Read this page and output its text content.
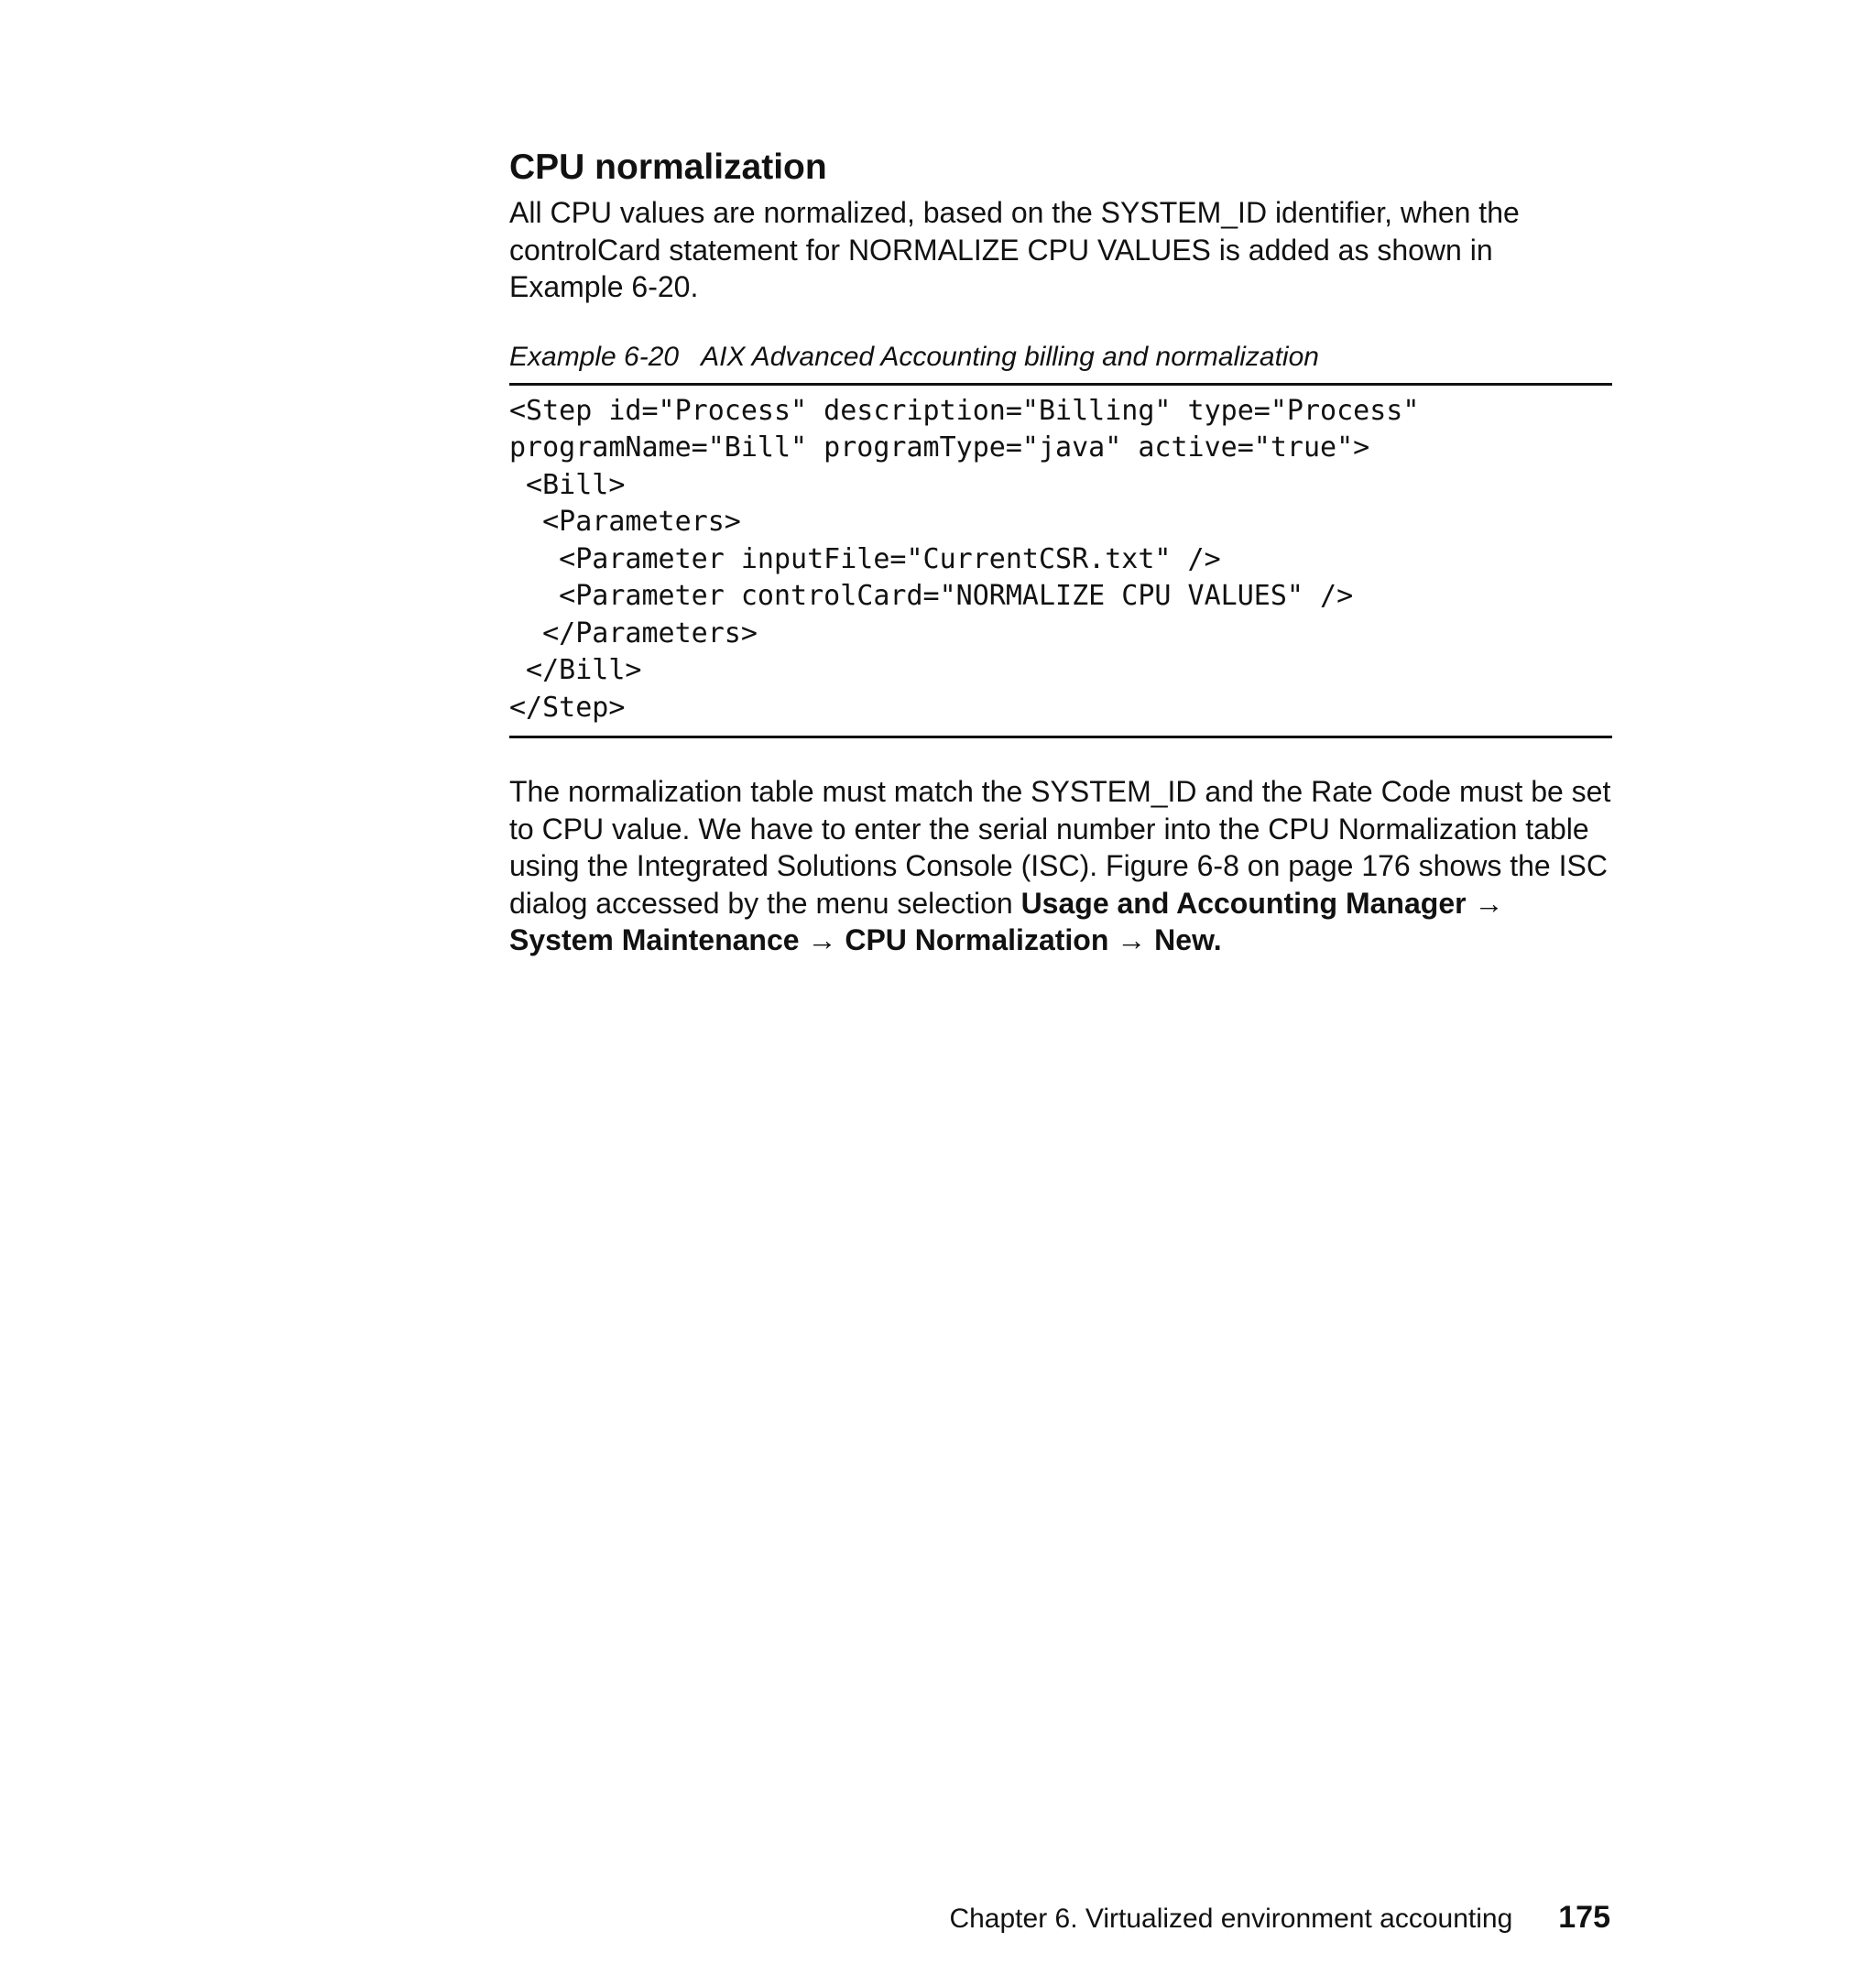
CPU normalization

All CPU values are normalized, based on the SYSTEM_ID identifier, when the controlCard statement for NORMALIZE CPU VALUES is added as shown in Example 6-20.

Example 6-20 AIX Advanced Accounting billing and normalization
<Step id="Process" description="Billing" type="Process"
programName="Bill" programType="java" active="true">
<Bill>
<Parameters>
<Parameter inputFile="CurrentCSR.txt" />
<Parameter controlCard="NORMALIZE CPU VALUES" />
</Parameters>
</Bill>
</Step>

The normalization table must match the SYSTEM_ID and the Rate Code must be set to CPU value. We have to enter the serial number into the CPU Normalization table using the Integrated Solutions Console (ISC). Figure 6-8 on page 176 shows the ISC dialog accessed by the menu selection Usage and Accounting Manager → System Maintenance → CPU Normalization → New.

Chapter 6. Virtualized environment accounting 175
